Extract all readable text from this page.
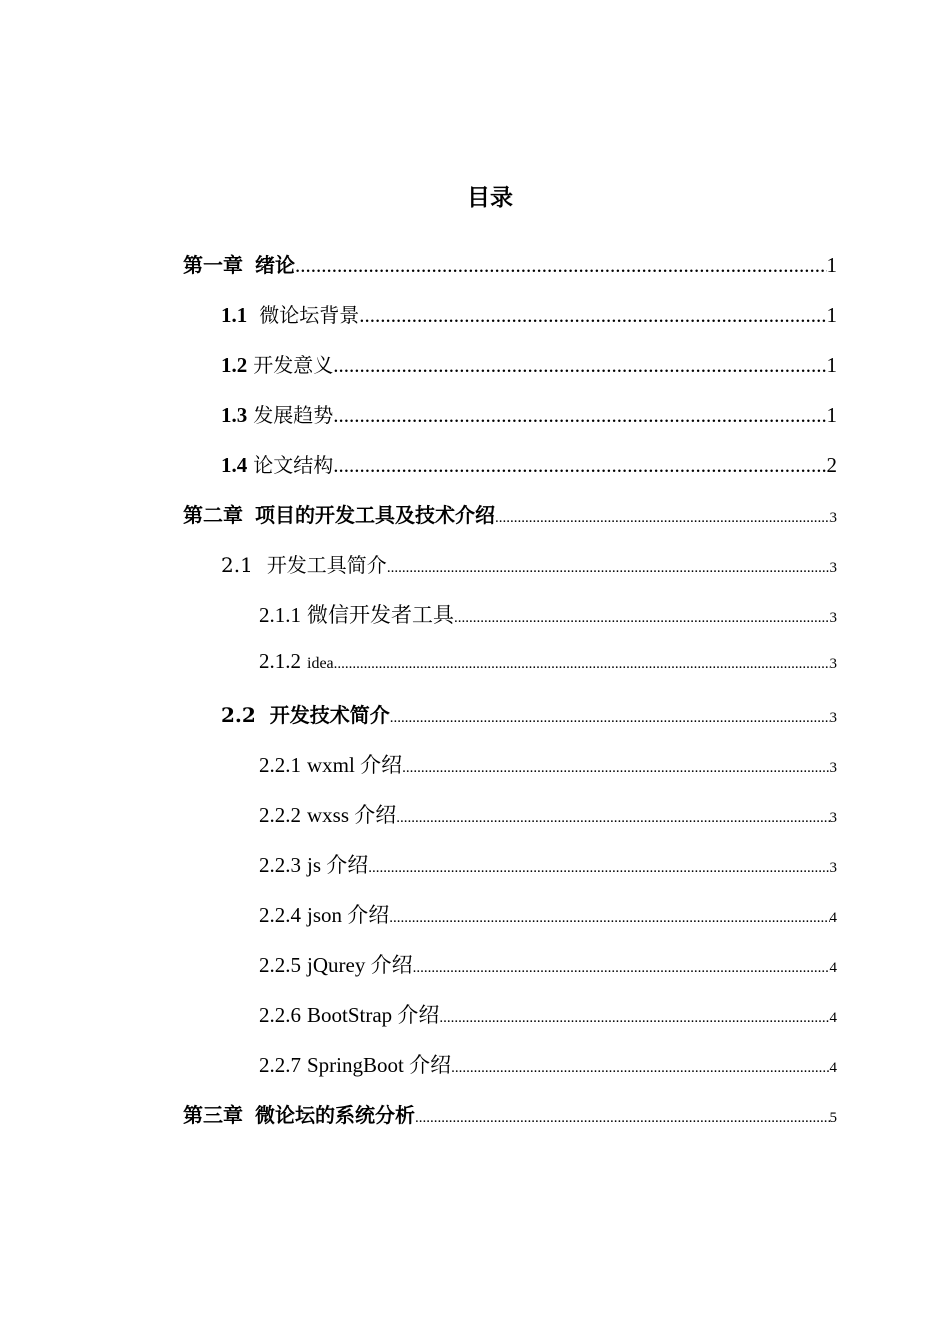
目录
第一章 绪论 .....	1
1.1 微论坛背景 .....	1
1.2 开发意义 .....	1
1.3 发展趋势 .....	1
1.4 论文结构 .....	2
第二章 项目的开发工具及技术介绍 .....	3
2.1 开发工具简介 .....	3
2.1.1 微信开发者工具 .....	3
2.1.2 idea .....	3
2.2 开发技术简介 .....	3
2.2.1 wxml 介绍 .....	3
2.2.2 wxss 介绍 .....	3
2.2.3 js 介绍 .....	3
2.2.4 json 介绍 .....	4
2.2.5 jQurey 介绍 .....	4
2.2.6 BootStrap 介绍 .....	4
2.2.7 SpringBoot 介绍 .....	4
第三章 微论坛的系统分析 .....	5
